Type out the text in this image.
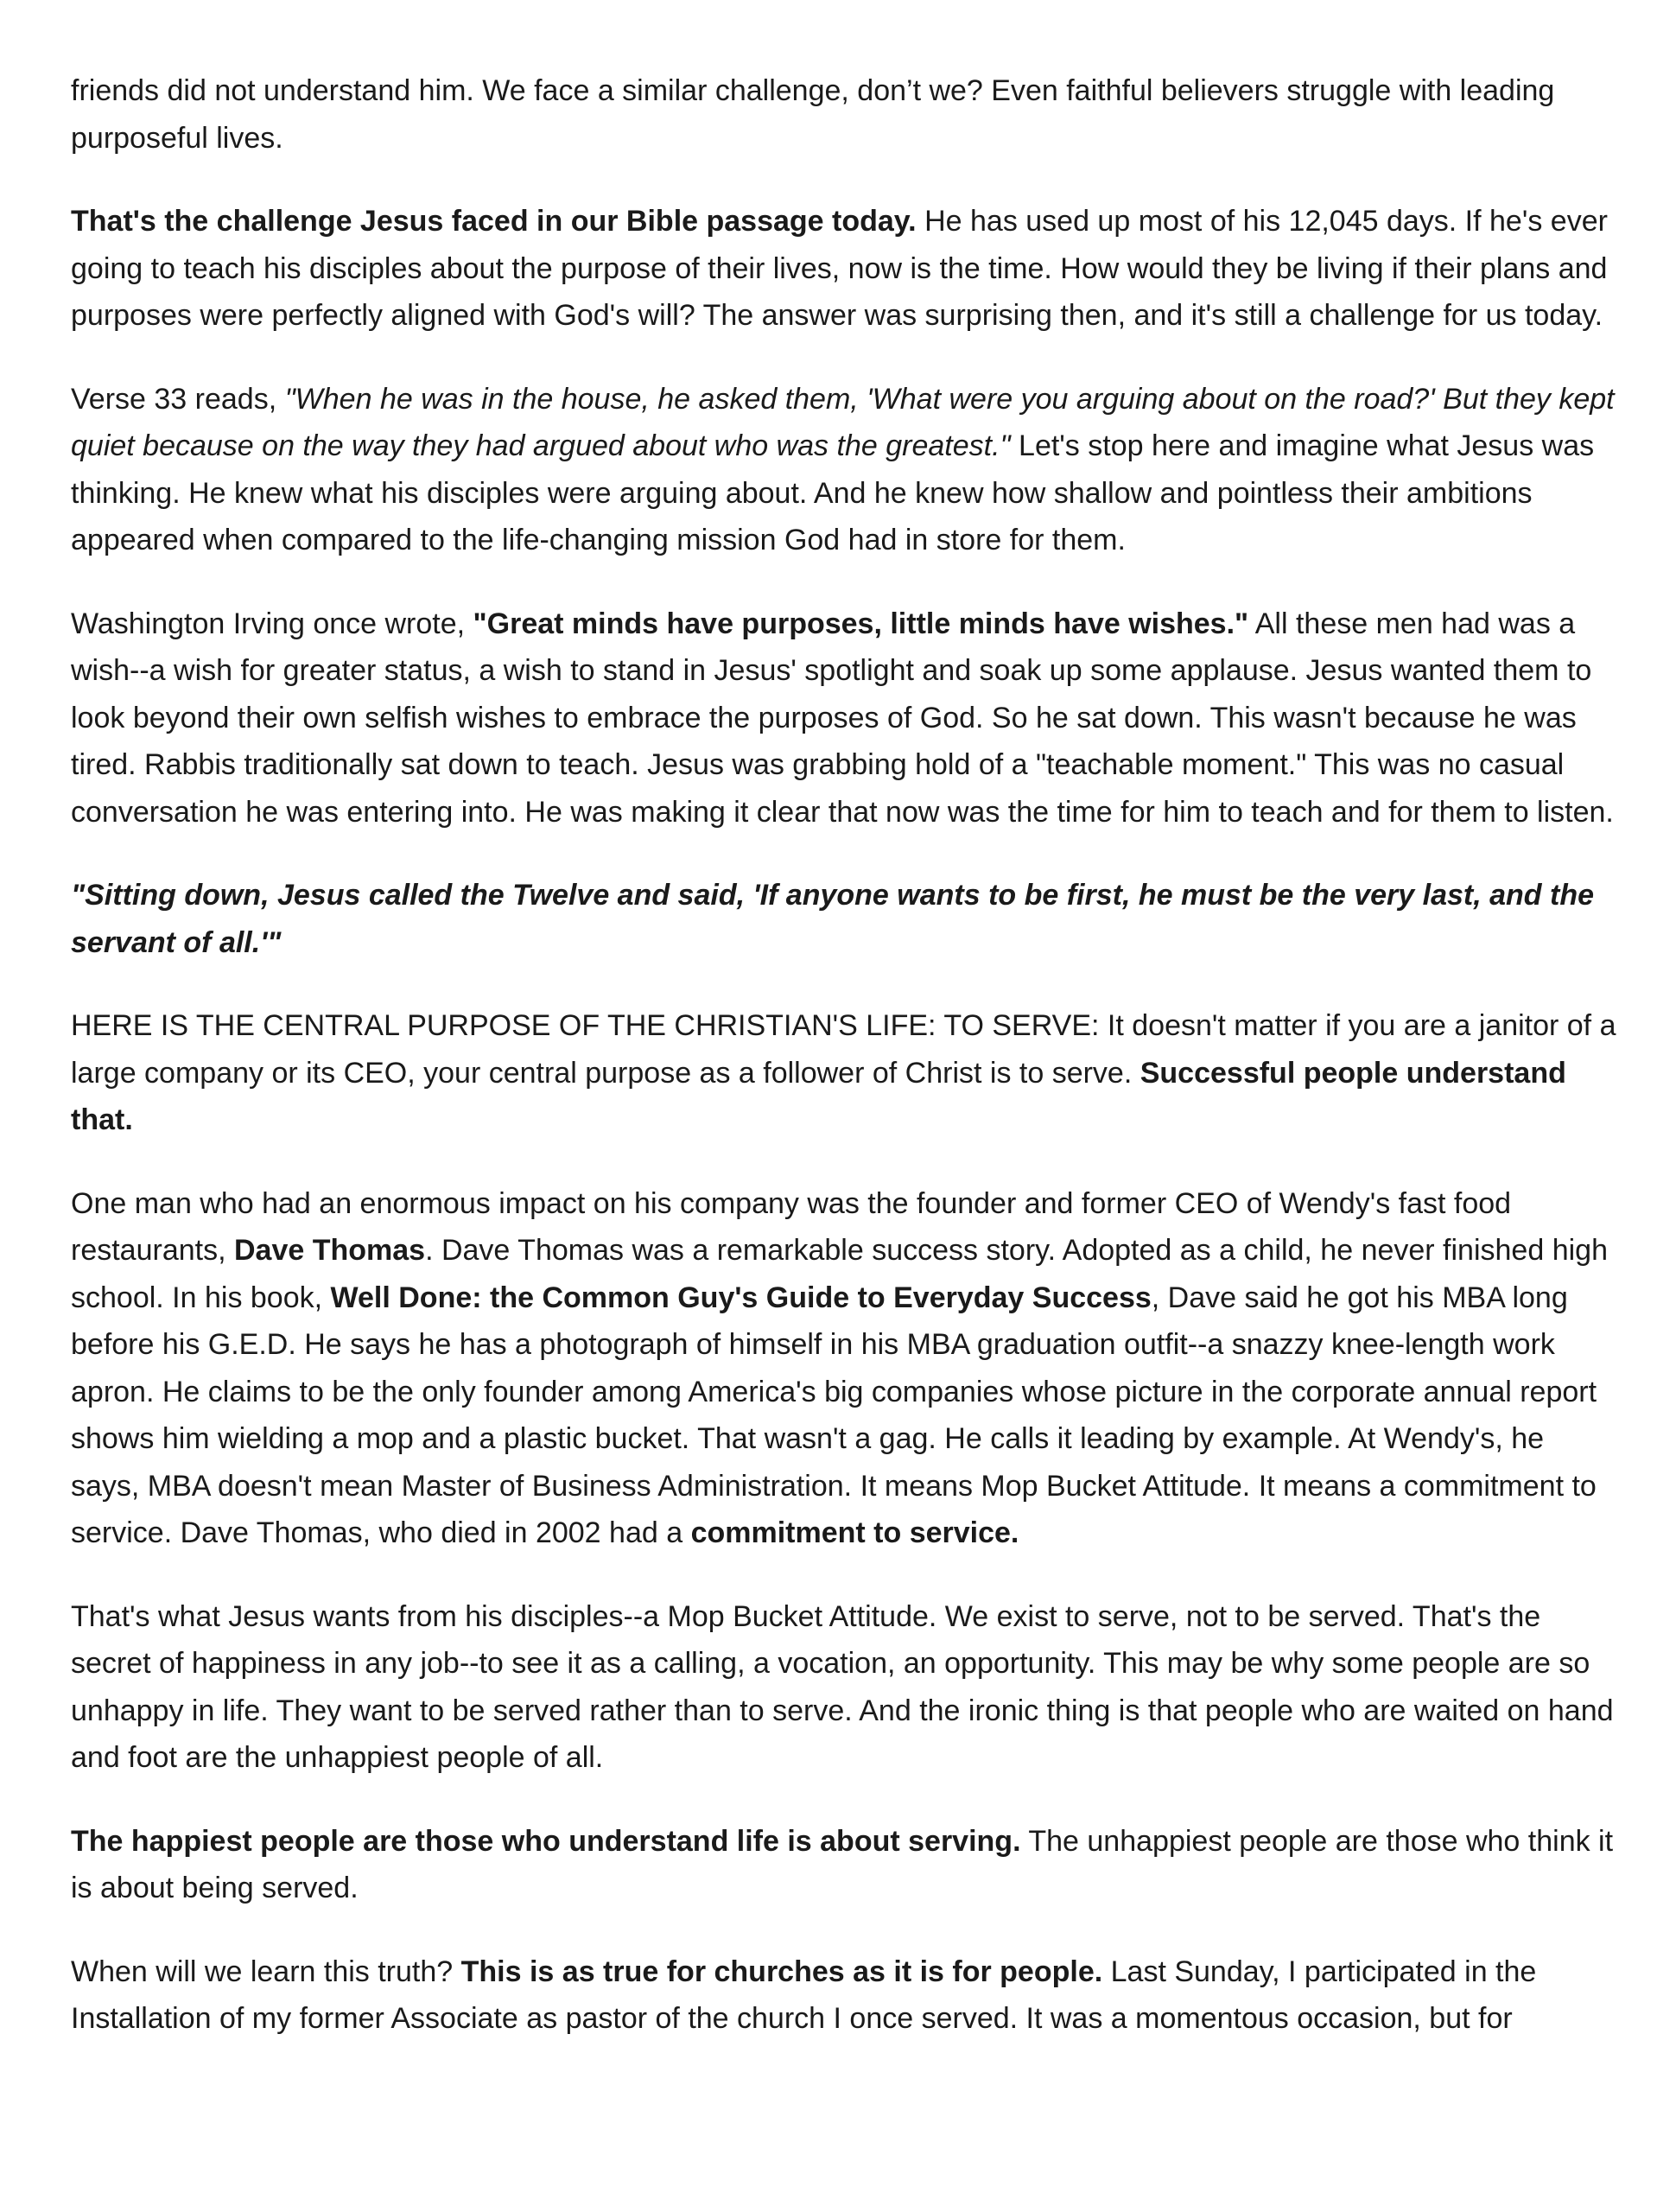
friends did not understand him. We face a similar challenge, don’t we? Even faithful believers struggle with leading purposeful lives.

That's the challenge Jesus faced in our Bible passage today. He has used up most of his 12,045 days. If he's ever going to teach his disciples about the purpose of their lives, now is the time. How would they be living if their plans and purposes were perfectly aligned with God's will? The answer was surprising then, and it's still a challenge for us today.

Verse 33 reads, "When he was in the house, he asked them, 'What were you arguing about on the road?' But they kept quiet because on the way they had argued about who was the greatest." Let's stop here and imagine what Jesus was thinking. He knew what his disciples were arguing about. And he knew how shallow and pointless their ambitions appeared when compared to the life-changing mission God had in store for them.

Washington Irving once wrote, "Great minds have purposes, little minds have wishes." All these men had was a wish--a wish for greater status, a wish to stand in Jesus' spotlight and soak up some applause. Jesus wanted them to look beyond their own selfish wishes to embrace the purposes of God. So he sat down. This wasn't because he was tired. Rabbis traditionally sat down to teach. Jesus was grabbing hold of a "teachable moment." This was no casual conversation he was entering into. He was making it clear that now was the time for him to teach and for them to listen.

"Sitting down, Jesus called the Twelve and said, 'If anyone wants to be first, he must be the very last, and the servant of all.'"

HERE IS THE CENTRAL PURPOSE OF THE CHRISTIAN'S LIFE: TO SERVE: It doesn't matter if you are a janitor of a large company or its CEO, your central purpose as a follower of Christ is to serve. Successful people understand that.

One man who had an enormous impact on his company was the founder and former CEO of Wendy's fast food restaurants, Dave Thomas. Dave Thomas was a remarkable success story. Adopted as a child, he never finished high school. In his book, Well Done: the Common Guy's Guide to Everyday Success, Dave said he got his MBA long before his G.E.D. He says he has a photograph of himself in his MBA graduation outfit--a snazzy knee-length work apron. He claims to be the only founder among America's big companies whose picture in the corporate annual report shows him wielding a mop and a plastic bucket. That wasn't a gag. He calls it leading by example. At Wendy's, he says, MBA doesn't mean Master of Business Administration. It means Mop Bucket Attitude. It means a commitment to service. Dave Thomas, who died in 2002 had a commitment to service.

That's what Jesus wants from his disciples--a Mop Bucket Attitude. We exist to serve, not to be served. That's the secret of happiness in any job--to see it as a calling, a vocation, an opportunity. This may be why some people are so unhappy in life. They want to be served rather than to serve. And the ironic thing is that people who are waited on hand and foot are the unhappiest people of all.

The happiest people are those who understand life is about serving. The unhappiest people are those who think it is about being served.

When will we learn this truth? This is as true for churches as it is for people. Last Sunday, I participated in the Installation of my former Associate as pastor of the church I once served. It was a momentous occasion, but for
